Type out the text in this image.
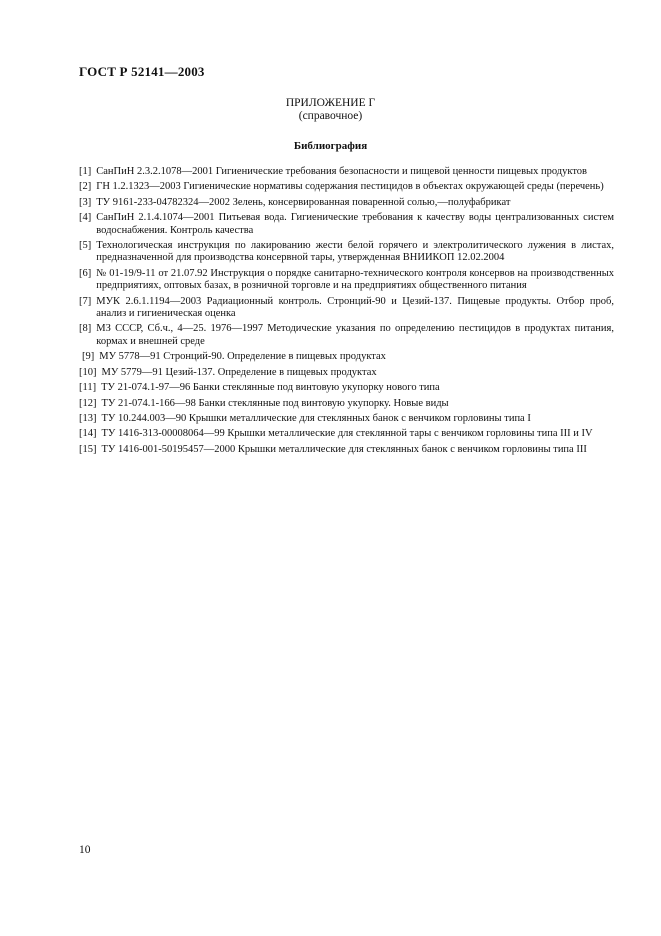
ГОСТ Р 52141—2003
ПРИЛОЖЕНИЕ Г
(справочное)
Библиография
[1] СанПиН 2.3.2.1078—2001 Гигиенические требования безопасности и пищевой ценности пищевых продуктов
[2] ГН 1.2.1323—2003 Гигиенические нормативы содержания пестицидов в объектах окружающей среды (перечень)
[3] ТУ 9161-233-04782324—2002 Зелень, консервированная поваренной солью,—полуфабрикат
[4] СанПиН 2.1.4.1074—2001 Питьевая вода. Гигиенические требования к качеству воды централизованных систем водоснабжения. Контроль качества
[5] Технологическая инструкция по лакированию жести белой горячего и электролитического лужения в листах, предназначенной для производства консервной тары, утвержденная ВНИИКОП 12.02.2004
[6] № 01-19/9-11 от 21.07.92 Инструкция о порядке санитарно-технического контроля консервов на производственных предприятиях, оптовых базах, в розничной торговле и на предприятиях общественного питания
[7] МУК 2.6.1.1194—2003 Радиационный контроль. Стронций-90 и Цезий-137. Пищевые продукты. Отбор проб, анализ и гигиеническая оценка
[8] МЗ СССР, Сб.ч., 4—25. 1976—1997 Методические указания по определению пестицидов в продуктах питания, кормах и внешней среде
[9] МУ 5778—91 Стронций-90. Определение в пищевых продуктах
[10] МУ 5779—91 Цезий-137. Определение в пищевых продуктах
[11] ТУ 21-074.1-97—96 Банки стеклянные под винтовую укупорку нового типа
[12] ТУ 21-074.1-166—98 Банки стеклянные под винтовую укупорку. Новые виды
[13] ТУ 10.244.003—90 Крышки металлические для стеклянных банок с венчиком горловины типа I
[14] ТУ 1416-313-00008064—99 Крышки металлические для стеклянной тары с венчиком горловины типа III и IV
[15] ТУ 1416-001-50195457—2000 Крышки металлические для стеклянных банок с венчиком горловины типа III
10
